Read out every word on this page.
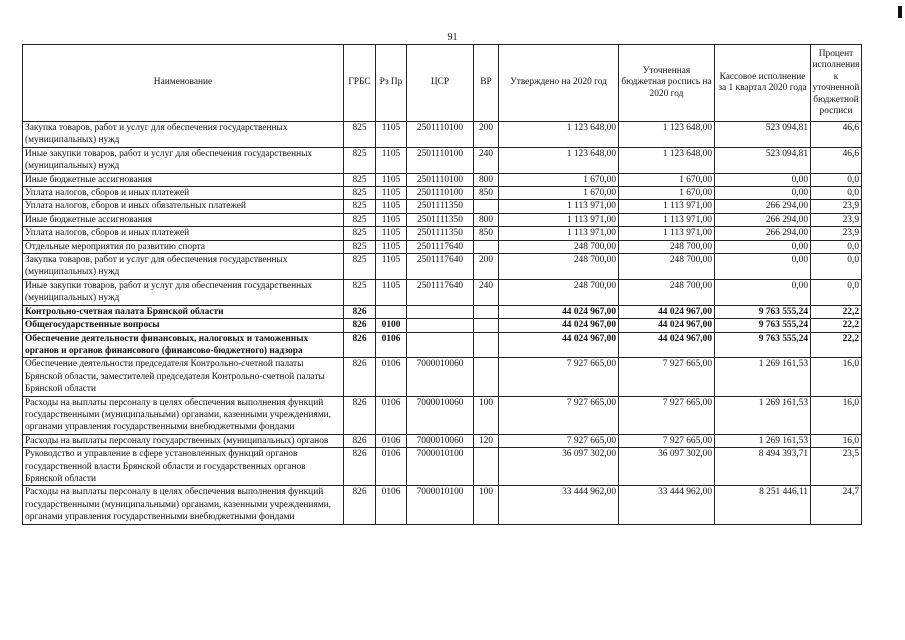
91
Наименование	ГРБС	Рз Пр	ЦСР	ВР	Утверждено на 2020 год	Уточненная бюджетная роспись на 2020 год	Кассовое исполнение за 1 квартал 2020 года	Процент исполнения к уточненной бюджетной росписи
Закупка товаров, работ и услуг для обеспечения государственных (муниципальных) нужд	825	1105	2501110100	200	1 123 648,00	1 123 648,00	523 094,81	46,6
Иные закупки товаров, работ и услуг для обеспечения государственных (муниципальных) нужд	825	1105	2501110100	240	1 123 648,00	1 123 648,00	523 094,81	46,6
Иные бюджетные ассигнования	825	1105	2501110100	800	1 670,00	1 670,00	0,00	0,0
Уплата налогов, сборов и иных платежей	825	1105	2501110100	850	1 670,00	1 670,00	0,00	0,0
Уплата налогов, сборов и иных обязательных платежей	825	1105	2501111350		1 113 971,00	1 113 971,00	266 294,00	23,9
Иные бюджетные ассигнования	825	1105	2501111350	800	1 113 971,00	1 113 971,00	266 294,00	23,9
Уплата налогов, сборов и иных платежей	825	1105	2501111350	850	1 113 971,00	1 113 971,00	266 294,00	23,9
Отдельные мероприятия по развитию спорта	825	1105	2501117640		248 700,00	248 700,00	0,00	0,0
Закупка товаров, работ и услуг для обеспечения государственных (муниципальных) нужд	825	1105	2501117640	200	248 700,00	248 700,00	0,00	0,0
Иные закупки товаров, работ и услуг для обеспечения государственных (муниципальных) нужд	825	1105	2501117640	240	248 700,00	248 700,00	0,00	0,0
Контрольно-счетная палата Брянской области	826				44 024 967,00	44 024 967,00	9 763 555,24	22,2
Общегосударственные вопросы	826	0100			44 024 967,00	44 024 967,00	9 763 555,24	22,2
Обеспечение деятельности финансовых, налоговых и таможенных органов и органов финансового (финансово-бюджетного) надзора	826	0106			44 024 967,00	44 024 967,00	9 763 555,24	22,2
Обеспечение деятельности председателя Контрольно-счетной палаты Брянской области, заместителей председателя Контрольно-счетной палаты Брянской области	826	0106	7000010060		7 927 665,00	7 927 665,00	1 269 161,53	16,0
Расходы на выплаты персоналу в целях обеспечения выполнения функций государственными (муниципальными) органами, казенными учреждениями, органами управления государственными внебюджетными фондами	826	0106	7000010060	100	7 927 665,00	7 927 665,00	1 269 161,53	16,0
Расходы на выплаты персоналу государственных (муниципальных) органов	826	0106	7000010060	120	7 927 665,00	7 927 665,00	1 269 161,53	16,0
Руководство и управление в сфере установленных функций органов государственной власти Брянской области и государственных органов Брянской области	826	0106	7000010100		36 097 302,00	36 097 302,00	8 494 393,71	23,5
Расходы на выплаты персоналу в целях обеспечения выполнения функций государственными (муниципальными) органами, казенными учреждениями, органами управления государственными внебюджетными фондами	826	0106	7000010100	100	33 444 962,00	33 444 962,00	8 251 446,11	24,7
